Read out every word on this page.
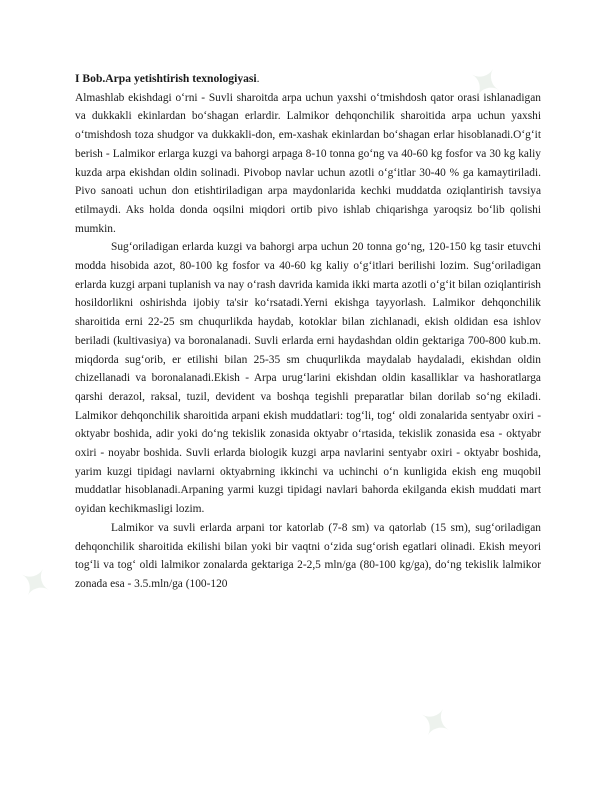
✦
✦
✦

I Bob.Arpa yetishtirish texnologiyasi.

Almashlab ekishdagi o‘rni - Suvli sharoitda arpa uchun yaxshi o‘tmishdosh qator orasi ishlanadigan va dukkakli ekinlardan bo‘shagan erlardir. Lalmikor dehqonchilik sharoitida arpa uchun yaxshi o‘tmishdosh toza shudgor va dukkakli-don, em-xashak ekinlardan bo‘shagan erlar hisoblanadi.O‘g‘it berish - Lalmikor erlarga kuzgi va bahorgi arpaga 8-10 tonna go‘ng va 40-60 kg fosfor va 30 kg kaliy kuzda arpa ekishdan oldin solinadi. Pivobop navlar uchun azotli o‘g‘itlar 30-40 % ga kamaytiriladi. Pivo sanoati uchun don etishtiriladigan arpa maydonlarida kechki muddatda oziqlantirish tavsiya etilmaydi. Aks holda donda oqsilni miqdori ortib pivo ishlab chiqarishga yaroqsiz bo‘lib qolishi mumkin.

Sug‘oriladigan erlarda kuzgi va bahorgi arpa uchun 20 tonna go‘ng, 120-150 kg tasir etuvchi modda hisobida azot, 80-100 kg fosfor va 40-60 kg kaliy o‘g‘itlari berilishi lozim. Sug‘oriladigan erlarda kuzgi arpani tuplanish va nay o‘rash davrida kamida ikki marta azotli o‘g‘it bilan oziqlantirish hosildorlikni oshirishda ijobiy ta'sir ko‘rsatadi.Yerni ekishga tayyorlash. Lalmikor dehqonchilik sharoitida erni 22-25 sm chuqurlikda haydab, kotoklar bilan zichlanadi, ekish oldidan esa ishlov beriladi (kultivasiya) va boronalanadi. Suvli erlarda erni haydashdan oldin gektariga 700-800 kub.m. miqdorda sug‘orib, er etilishi bilan 25-35 sm chuqurlikda maydalab haydaladi, ekishdan oldin chizellanadi va boronalanadi.Ekish - Arpa urug‘larini ekishdan oldin kasalliklar va hashoratlarga qarshi derazol, raksal, tuzil, devident va boshqa tegishli preparatlar bilan dorilab so‘ng ekiladi. Lalmikor dehqonchilik sharoitida arpani ekish muddatlari: tog‘li, tog‘ oldi zonalarida sentyabr oxiri - oktyabr boshida, adir yoki do‘ng tekislik zonasida oktyabr o‘rtasida, tekislik zonasida esa - oktyabr oxiri - noyabr boshida. Suvli erlarda biologik kuzgi arpa navlarini sentyabr oxiri - oktyabr boshida, yarim kuzgi tipidagi navlarni oktyabrning ikkinchi va uchinchi o‘n kunligida ekish eng muqobil muddatlar hisoblanadi.Arpaning yarmi kuzgi tipidagi navlari bahorda ekilganda ekish muddati mart oyidan kechikmasligi lozim.

Lalmikor va suvli erlarda arpani tor katorlab (7-8 sm) va qatorlab (15 sm), sug‘oriladigan dehqonchilik sharoitida ekilishi bilan yoki bir vaqtni o‘zida sug‘orish egatlari olinadi. Ekish meyori tog‘li va tog‘ oldi lalmikor zonalarda gektariga 2-2,5 mln/ga (80-100 kg/ga), do‘ng tekislik lalmikor zonada esa - 3.5.mln/ga (100-120
